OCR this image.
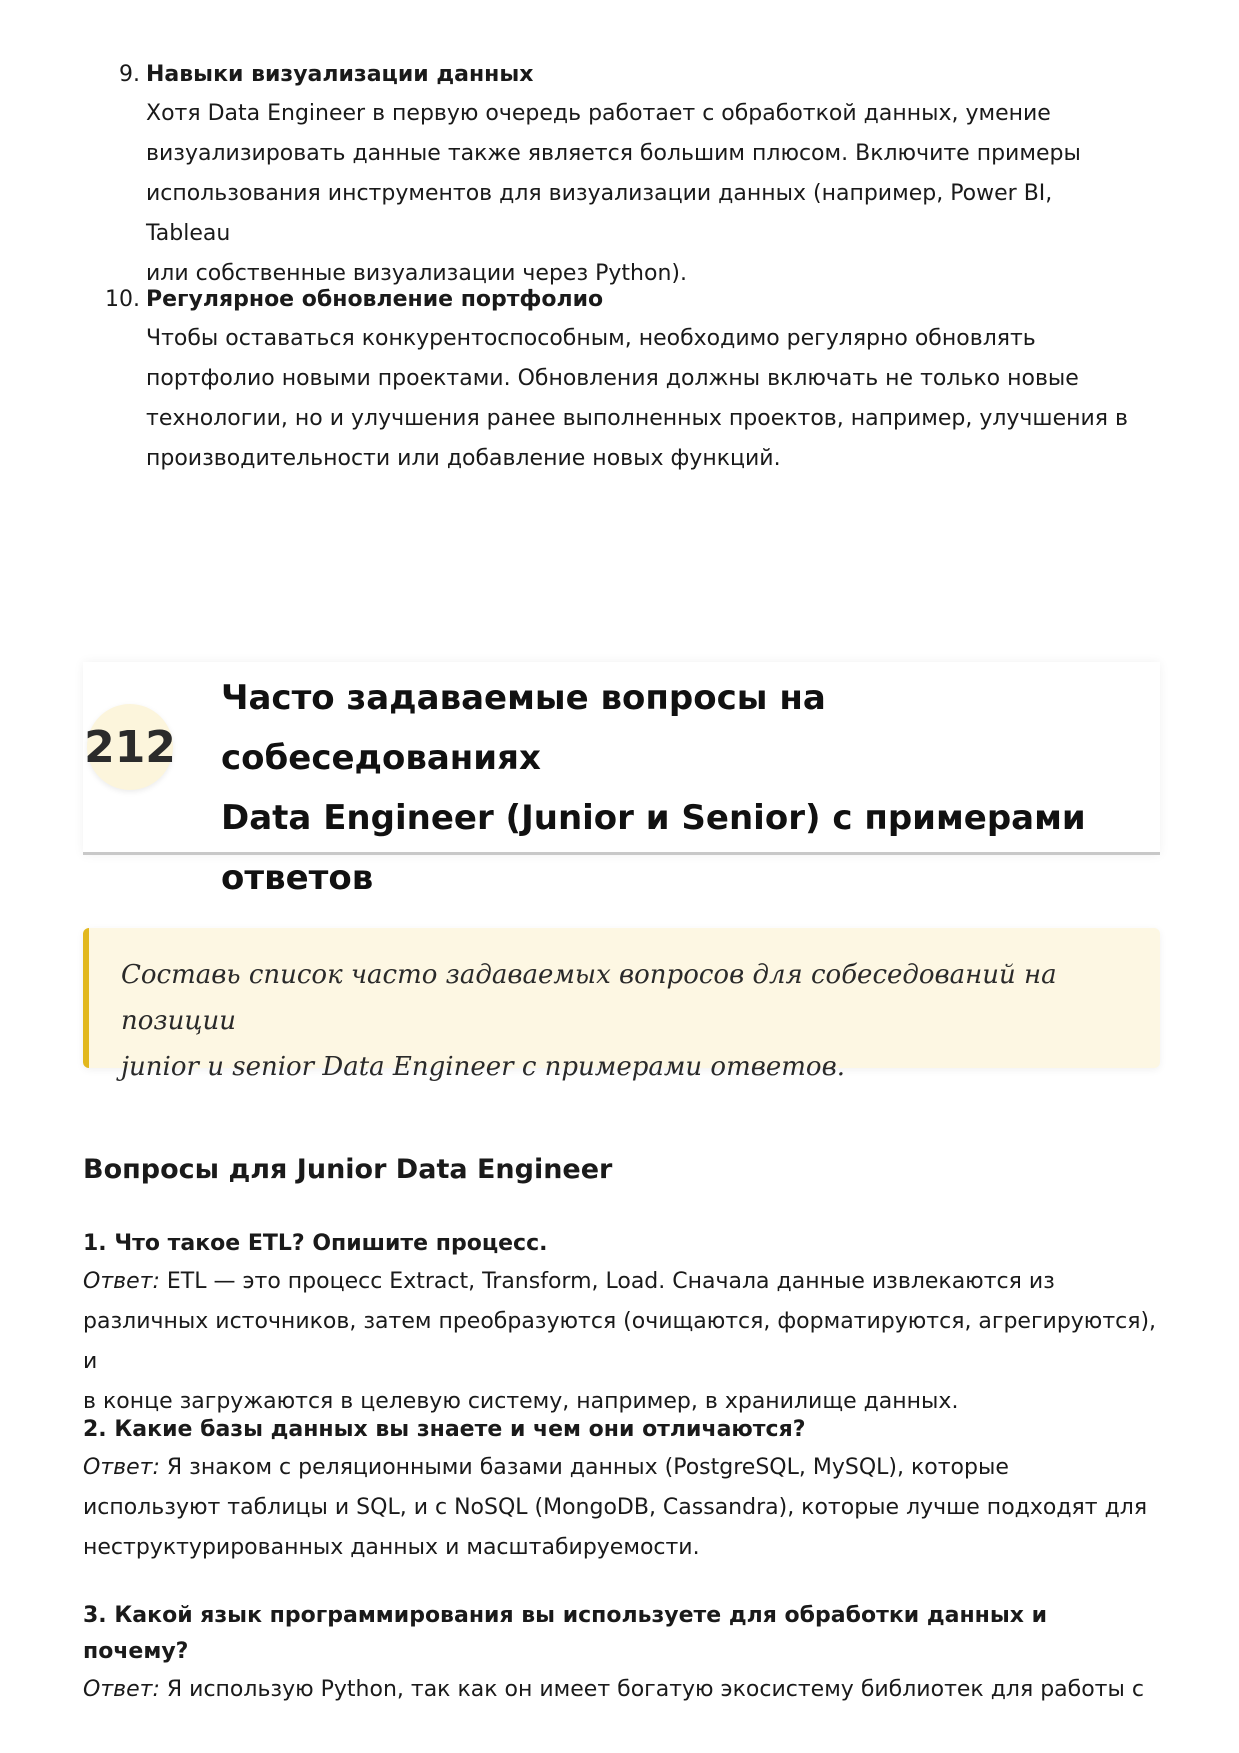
9. Навыки визуализации данных
Хотя Data Engineer в первую очередь работает с обработкой данных, умение
визуализировать данные также является большим плюсом. Включите примеры
использования инструментов для визуализации данных (например, Power BI, Tableau
или собственные визуализации через Python).
10. Регулярное обновление портфолио
Чтобы оставаться конкурентоспособным, необходимо регулярно обновлять
портфолио новыми проектами. Обновления должны включать не только новые
технологии, но и улучшения ранее выполненных проектов, например, улучшения в
производительности или добавление новых функций.
212
Часто задаваемые вопросы на собеседованиях
Data Engineer (Junior и Senior) с примерами
ответов

Составь список часто задаваемых вопросов для собеседований на позиции
junior и senior Data Engineer с примерами ответов.

Вопросы для Junior Data Engineer
1. Что такое ETL? Опишите процесс.
Ответ: ETL — это процесс Extract, Transform, Load. Сначала данные извлекаются из
различных источников, затем преобразуются (очищаются, форматируются, агрегируются), и
в конце загружаются в целевую систему, например, в хранилище данных.
2. Какие базы данных вы знаете и чем они отличаются?
Ответ: Я знаком с реляционными базами данных (PostgreSQL, MySQL), которые
используют таблицы и SQL, и с NoSQL (MongoDB, Cassandra), которые лучше подходят для
неструктурированных данных и масштабируемости.
3. Какой язык программирования вы используете для обработки данных и почему?
Ответ: Я использую Python, так как он имеет богатую экосистему библиотек для работы с
